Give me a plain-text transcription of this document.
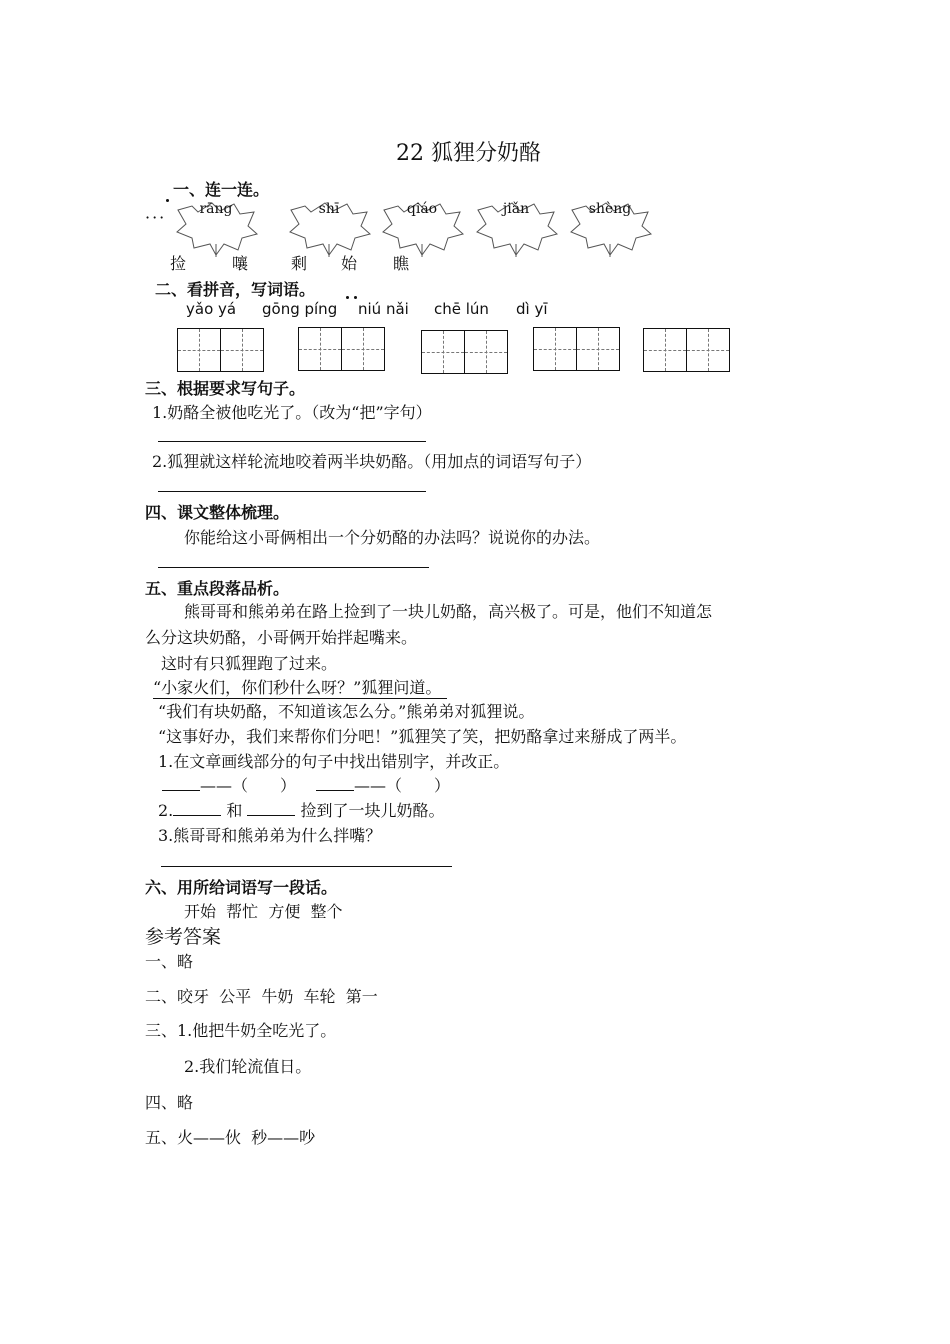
22 狐狸分奶酪
一、连一连。
···	rāng	shī	qiáo	jiǎn	shèng
捡	嚷	剩 始 瞧
二、看拼音，写词语。
yǎo yá gōng píng niú nǎi chē lún dì yī
三、根据要求写句子。
1.奶酪全被他吃光了。（改为“把”字句）
2.狐狸就这样轮流地咬着两半块奶酪。（用加点的词语写句子）
四、课文整体梳理。
你能给这小哥俩相出一个分奶酪的办法吗？说说你的办法。
五、重点段落品析。
熊哥哥和熊弟弟在路上捡到了一块儿奶酪，高兴极了。可是，他们不知道怎
么分这块奶酪，小哥俩开始拌起嘴来。
这时有只狐狸跑了过来。
“小家火们，你们秒什么呀？”狐狸问道。
“我们有块奶酪，不知道该怎么分。”熊弟弟对狐狸说。
“这事好办，我们来帮你们分吧！”狐狸笑了笑，把奶酪拿过来掰成了两半。
1.在文章画线部分的句子中找出错别字，并改正。
——（　　）	——（　　）
2.	和	捡到了一块儿奶酪。
3.熊哥哥和熊弟弟为什么拌嘴？
六、用所给词语写一段话。
开始  帮忙  方便  整个
参考答案
一、略
二、咬牙  公平  牛奶  车轮  第一
三、1.他把牛奶全吃光了。
2.我们轮流值日。
四、略
五、火——伙  秒——吵
